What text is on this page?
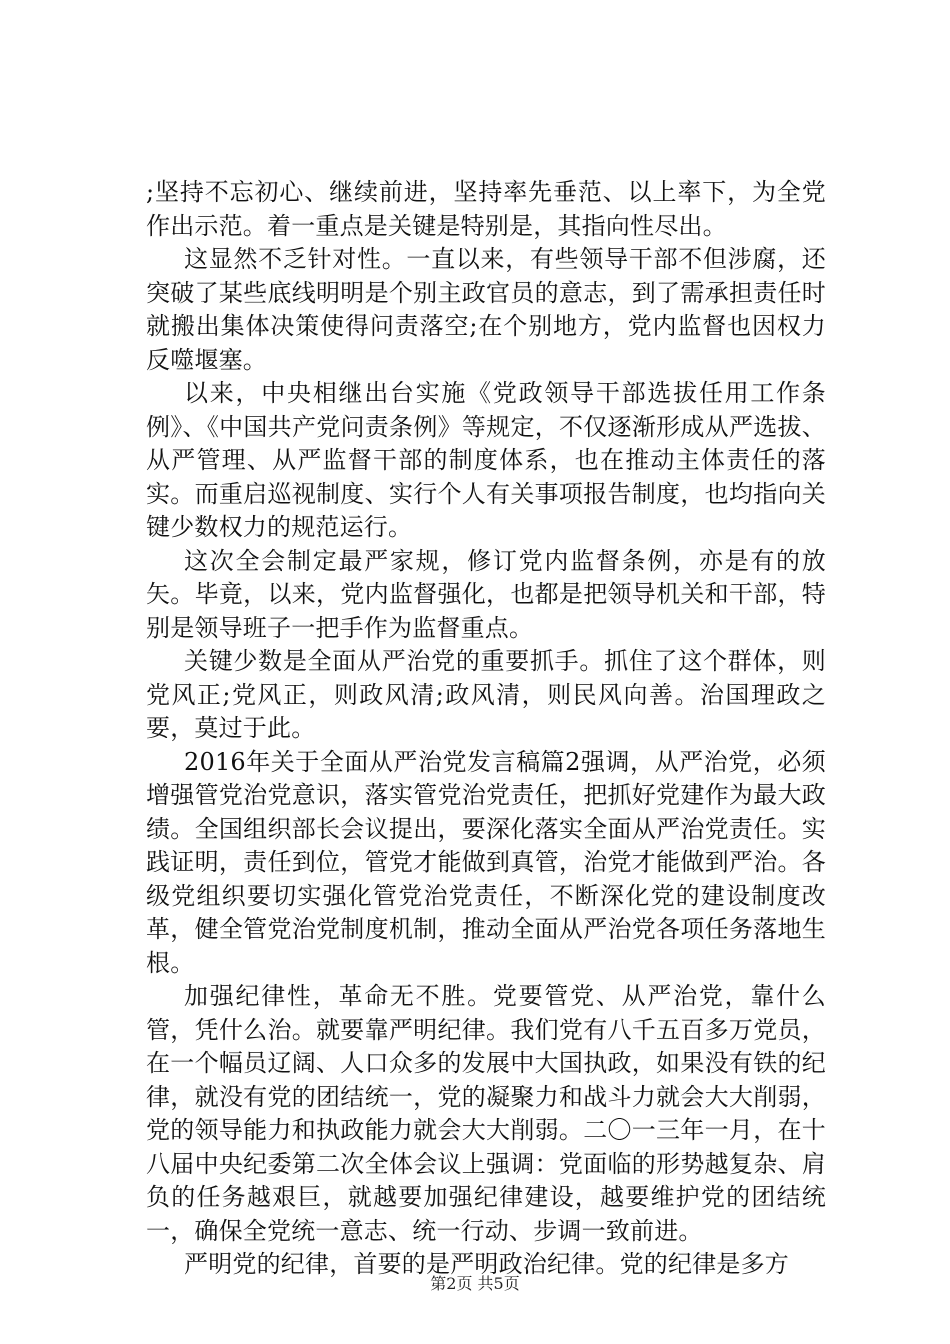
;坚持不忘初心、继续前进，坚持率先垂范、以上率下，为全党作出示范。着一重点是关键是特别是，其指向性尽出。

这显然不乏针对性。一直以来，有些领导干部不但涉腐，还突破了某些底线明明是个别主政官员的意志，到了需承担责任时就搬出集体决策使得问责落空;在个别地方，党内监督也因权力反噬堰塞。

以来，中央相继出台实施《党政领导干部选拔任用工作条例》、《中国共产党问责条例》等规定，不仅逐渐形成从严选拔、从严管理、从严监督干部的制度体系，也在推动主体责任的落实。而重启巡视制度、实行个人有关事项报告制度，也均指向关键少数权力的规范运行。

这次全会制定最严家规，修订党内监督条例，亦是有的放矢。毕竟，以来，党内监督强化，也都是把领导机关和干部，特别是领导班子一把手作为监督重点。

关键少数是全面从严治党的重要抓手。抓住了这个群体，则党风正;党风正，则政风清;政风清，则民风向善。治国理政之要，莫过于此。

2016年关于全面从严治党发言稿篇2强调，从严治党，必须增强管党治党意识，落实管党治党责任，把抓好党建作为最大政绩。全国组织部长会议提出，要深化落实全面从严治党责任。实践证明，责任到位，管党才能做到真管，治党才能做到严治。各级党组织要切实强化管党治党责任，不断深化党的建设制度改革，健全管党治党制度机制，推动全面从严治党各项任务落地生根。

加强纪律性，革命无不胜。党要管党、从严治党，靠什么管，凭什么治。就要靠严明纪律。我们党有八千五百多万党员，在一个幅员辽阔、人口众多的发展中大国执政，如果没有铁的纪律，就没有党的团结统一，党的凝聚力和战斗力就会大大削弱，党的领导能力和执政能力就会大大削弱。二〇一三年一月，在十八届中央纪委第二次全体会议上强调：党面临的形势越复杂、肩负的任务越艰巨，就越要加强纪律建设，越要维护党的团结统一，确保全党统一意志、统一行动、步调一致前进。

严明党的纪律，首要的是严明政治纪律。党的纪律是多方

第2页 共5页
